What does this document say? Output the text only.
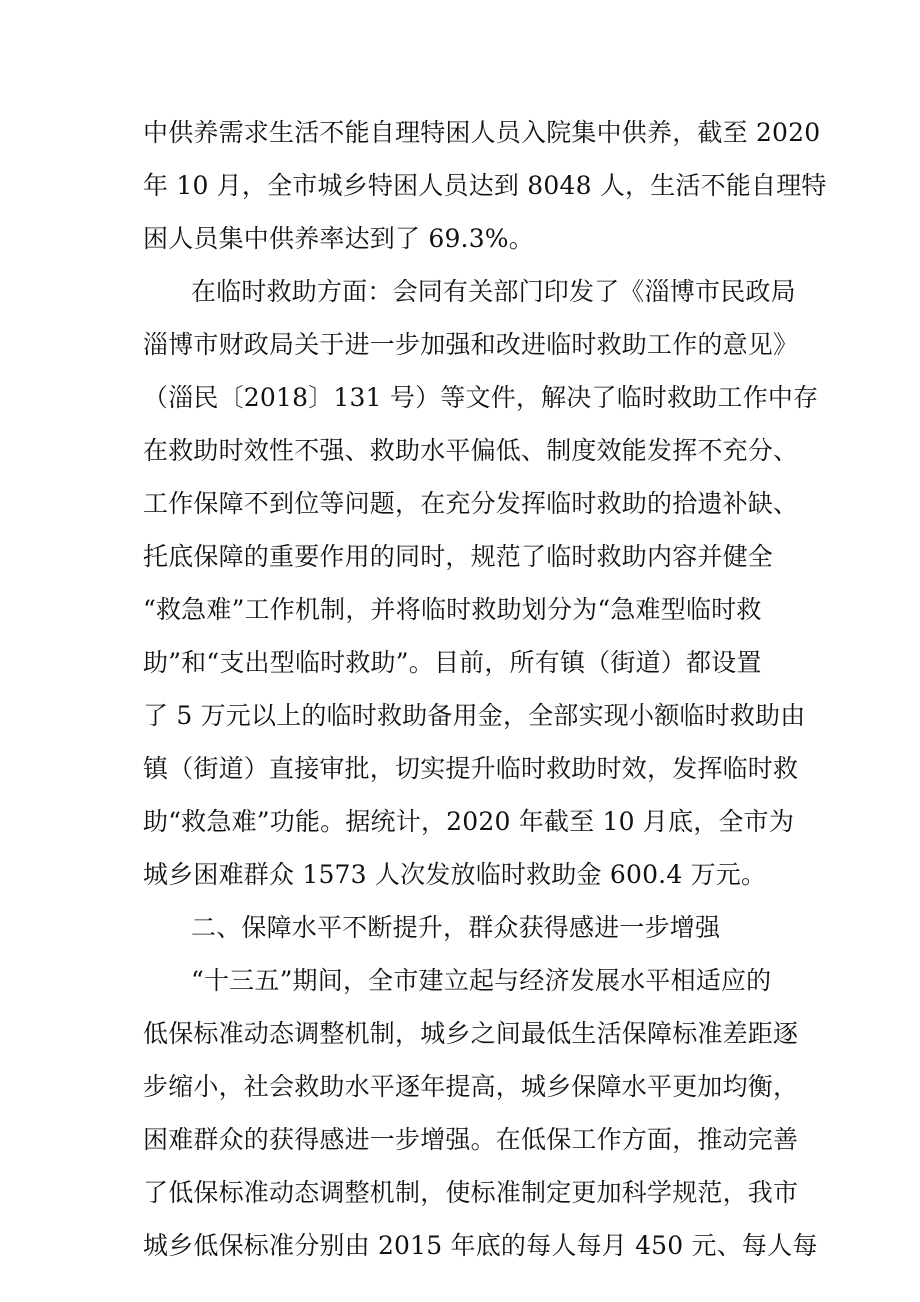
中供养需求生活不能自理特困人员入院集中供养，截至 2020
年 10 月，全市城乡特困人员达到 8048 人，生活不能自理特
困人员集中供养率达到了 69.3%。
在临时救助方面：会同有关部门印发了《淄博市民政局
淄博市财政局关于进一步加强和改进临时救助工作的意见》
（淄民〔2018〕131 号）等文件，解决了临时救助工作中存
在救助时效性不强、救助水平偏低、制度效能发挥不充分、
工作保障不到位等问题，在充分发挥临时救助的拾遗补缺、
托底保障的重要作用的同时，规范了临时救助内容并健全
“救急难”工作机制，并将临时救助划分为“急难型临时救
助”和“支出型临时救助”。目前，所有镇（街道）都设置
了 5 万元以上的临时救助备用金，全部实现小额临时救助由
镇（街道）直接审批，切实提升临时救助时效，发挥临时救
助“救急难”功能。据统计，2020 年截至 10 月底，全市为
城乡困难群众 1573 人次发放临时救助金 600.4 万元。
二、保障水平不断提升，群众获得感进一步增强
“十三五”期间，全市建立起与经济发展水平相适应的
低保标准动态调整机制，城乡之间最低生活保障标准差距逐
步缩小，社会救助水平逐年提高，城乡保障水平更加均衡，
困难群众的获得感进一步增强。在低保工作方面，推动完善
了低保标准动态调整机制，使标准制定更加科学规范，我市
城乡低保标准分别由 2015 年底的每人每月 450 元、每人每
